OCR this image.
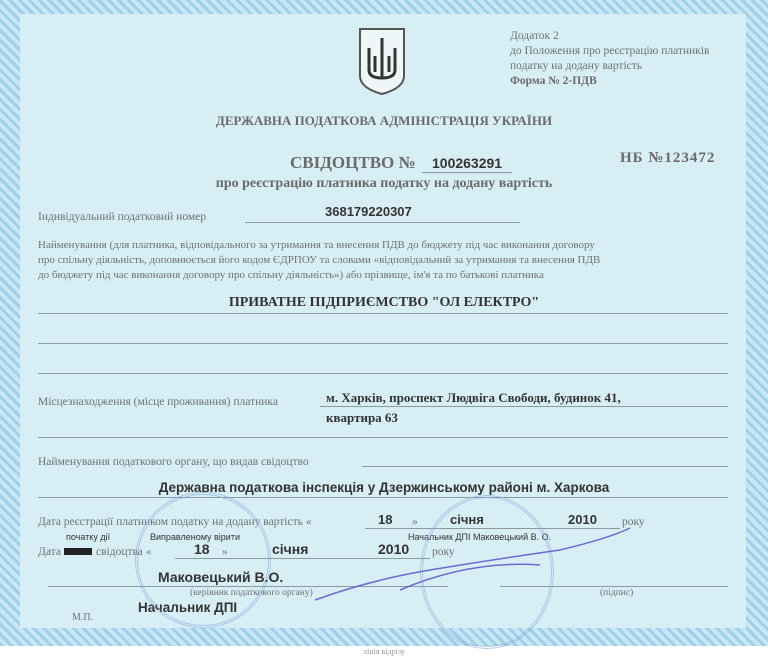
Додаток 2
до Положення про реєстрацію платників
податку на додану вартість
Форма № 2-ПДВ
ДЕРЖАВНА ПОДАТКОВА АДМІНІСТРАЦІЯ УКРАЇНИ
СВІДОЦТВО № 100263291	НБ №123472
про реєстрацію платника податку на додану вартість
Індивідуальний податковий номер	368179220307
Найменування (для платника, відповідального за утримання та внесення ПДВ до бюджету під час виконання договору
про спільну діяльність, доповнюється його кодом ЄДРПОУ та словами «відповідальний за утримання та внесення ПДВ
до бюджету під час виконання договору про спільну діяльність») або прізвище, ім'я та по батькові платника
ПРИВАТНЕ ПІДПРИЄМСТВО "ОЛ ЕЛЕКТРО"
Місцезнаходження (місце проживання) платника	м. Харків, проспект Людвіга Свободи, будинок 41,
квартира 63
Найменування податкового органу, що видав свідоцтво
Державна податкова інспекція у Дзержинському районі м. Харкова
Дата реєстрації платником податку на додану вартість «	18 » січня	2010 року
початку дії	Виправленому вірити	Начальник ДПІ Маковецький В. О.
Дата	свідоцтва «	18 »	січня	2010 року
Маковецький В.О.
(керівник податкового органу)	(підпис)
М.П.
Начальник ДПІ
лінія відрізу
